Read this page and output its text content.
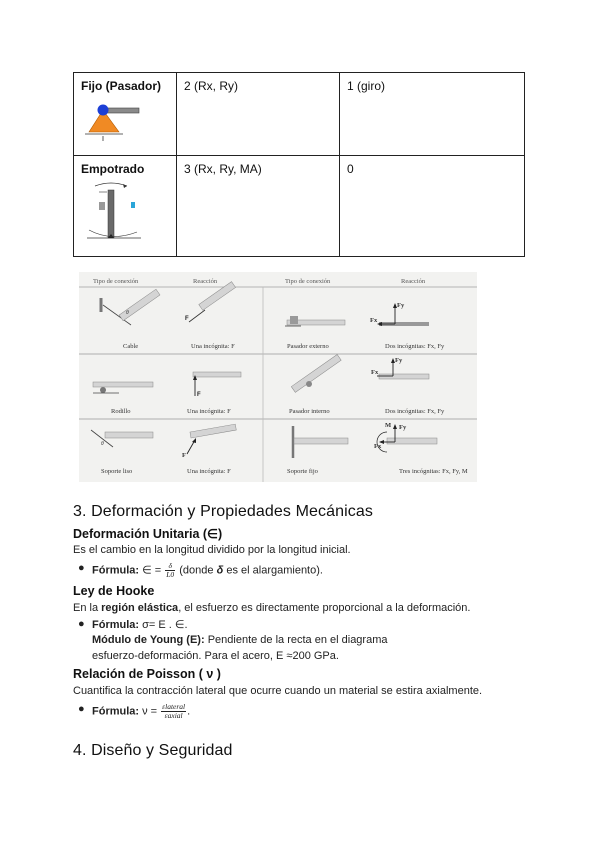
Fijo (Pasador)	2 (Rx, Ry)	1 (giro)

Empotrado	3 (Rx, Ry, MA)	0
Tipo de conexión	Reacción	Tipo de conexión	Reacción
θ
F
F
θ
Fy
Fx
Fy
Fx
F
Fy
Fx
M
Cable	Una incógnita: F	Pasador externo	Dos incógnitas: Fx, Fy
Rodillo	Una incógnita: F	Pasador interno	Dos incógnitas: Fx, Fy
Soporte liso	Una incógnita: F	Soporte fijo	Tres incógnitas: Fx, Fy, M
3. Deformación y Propiedades Mecánicas
Deformación Unitaria (∈)
Es el cambio en la longitud dividido por la longitud inicial.
● Fórmula: ∈ = $\frac{\delta}{L0}$ (donde δ es el alargamiento).
Ley de Hooke
En la región elástica, el esfuerzo es directamente proporcional a la deformación.
● Fórmula: σ= E . ∈.
Módulo de Young (E): Pendiente de la recta en el diagrama
esfuerzo-deformación. Para el acero, E ≈200 GPa.
Relación de Poisson ( ν )
Cuantifica la contracción lateral que ocurre cuando un material se estira axialmente.
● Fórmula: $\nu = \frac{\text{εlateral}}{\text{εaxial}}$ .
4. Diseño y Seguridad
